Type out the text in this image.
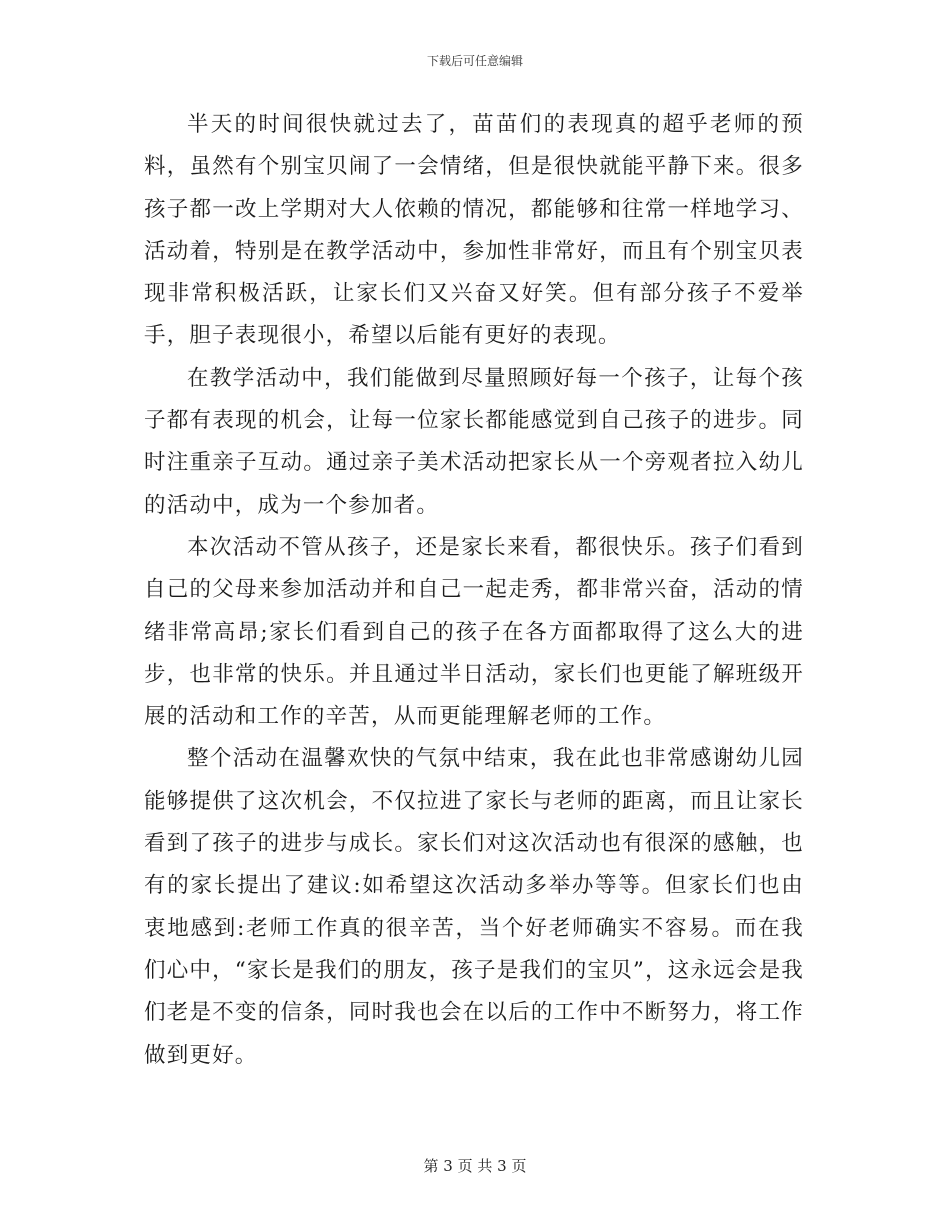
下载后可任意编辑

半天的时间很快就过去了，苗苗们的表现真的超乎老师的预料，虽然有个别宝贝闹了一会情绪，但是很快就能平静下来。很多孩子都一改上学期对大人依赖的情况，都能够和往常一样地学习、活动着，特别是在教学活动中，参加性非常好，而且有个别宝贝表现非常积极活跃，让家长们又兴奋又好笑。但有部分孩子不爱举手，胆子表现很小，希望以后能有更好的表现。

在教学活动中，我们能做到尽量照顾好每一个孩子，让每个孩子都有表现的机会，让每一位家长都能感觉到自己孩子的进步。同时注重亲子互动。通过亲子美术活动把家长从一个旁观者拉入幼儿的活动中，成为一个参加者。

本次活动不管从孩子，还是家长来看，都很快乐。孩子们看到自己的父母来参加活动并和自己一起走秀，都非常兴奋，活动的情绪非常高昂;家长们看到自己的孩子在各方面都取得了这么大的进步，也非常的快乐。并且通过半日活动，家长们也更能了解班级开展的活动和工作的辛苦，从而更能理解老师的工作。

整个活动在温馨欢快的气氛中结束，我在此也非常感谢幼儿园能够提供了这次机会，不仅拉进了家长与老师的距离，而且让家长看到了孩子的进步与成长。家长们对这次活动也有很深的感触，也有的家长提出了建议:如希望这次活动多举办等等。但家长们也由衷地感到:老师工作真的很辛苦，当个好老师确实不容易。而在我们心中，“家长是我们的朋友，孩子是我们的宝贝”，这永远会是我们老是不变的信条，同时我也会在以后的工作中不断努力，将工作做到更好。

第 3 页 共 3 页
